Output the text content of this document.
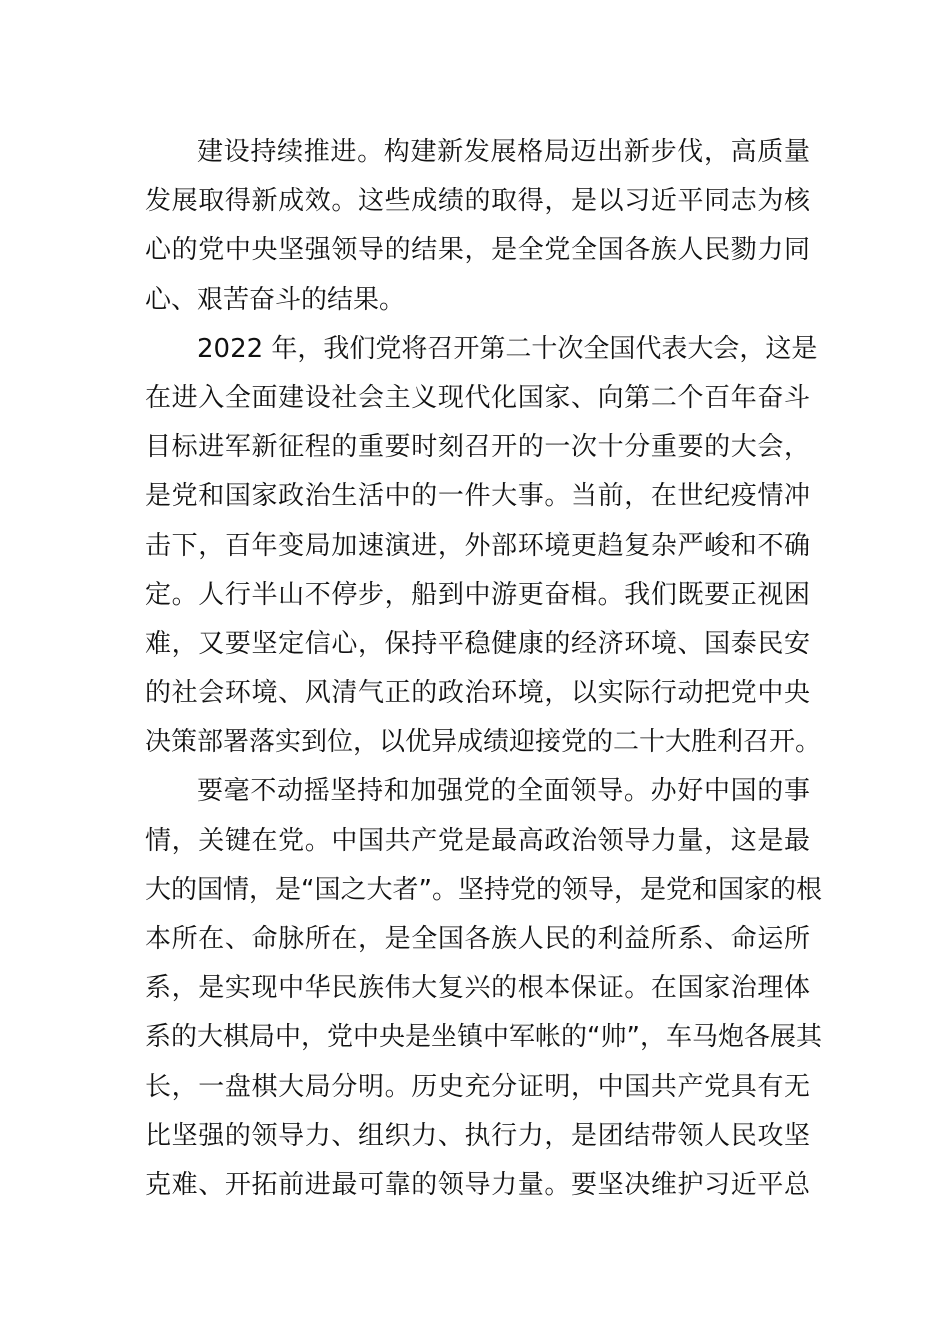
建设持续推进。构建新发展格局迈出新步伐，高质量
发展取得新成效。这些成绩的取得，是以习近平同志为核
心的党中央坚强领导的结果，是全党全国各族人民勠力同
心、艰苦奋斗的结果。
2022 年，我们党将召开第二十次全国代表大会，这是
在进入全面建设社会主义现代化国家、向第二个百年奋斗
目标进军新征程的重要时刻召开的一次十分重要的大会，
是党和国家政治生活中的一件大事。当前，在世纪疫情冲
击下，百年变局加速演进，外部环境更趋复杂严峻和不确
定。人行半山不停步，船到中游更奋楫。我们既要正视困
难，又要坚定信心，保持平稳健康的经济环境、国泰民安
的社会环境、风清气正的政治环境，以实际行动把党中央
决策部署落实到位，以优异成绩迎接党的二十大胜利召开。
要毫不动摇坚持和加强党的全面领导。办好中国的事
情，关键在党。中国共产党是最高政治领导力量，这是最
大的国情，是“国之大者”。坚持党的领导，是党和国家的根
本所在、命脉所在，是全国各族人民的利益所系、命运所
系，是实现中华民族伟大复兴的根本保证。在国家治理体
系的大棋局中，党中央是坐镇中军帐的“帅”，车马炮各展其
长，一盘棋大局分明。历史充分证明，中国共产党具有无
比坚强的领导力、组织力、执行力，是团结带领人民攻坚
克难、开拓前进最可靠的领导力量。要坚决维护习近平总
